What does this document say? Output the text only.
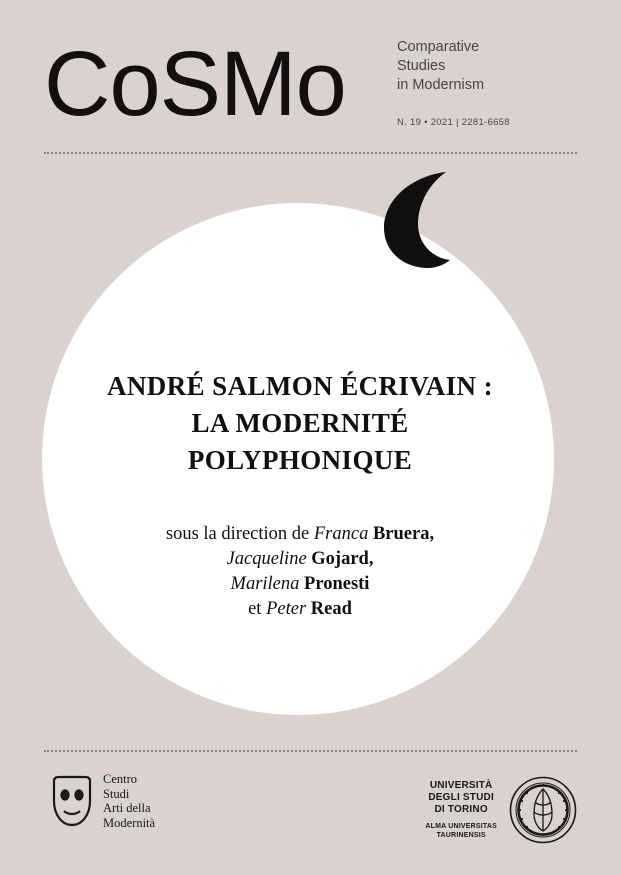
CoSMo	Comparative
Studies
in Modernism
N. 19 • 2021 | 2281-6658
ANDRÉ SALMON ÉCRIVAIN :
LA MODERNITÉ
POLYPHONIQUE
sous la direction de Franca Bruera,
Jacqueline Gojard,
Marilena Pronesti
et Peter Read
Centro
Studi
Arti della
Modernità
UNIVERSITÀ
DEGLI STUDI
DI TORINO
ALMA UNIVERSITAS
TAURINENSIS
